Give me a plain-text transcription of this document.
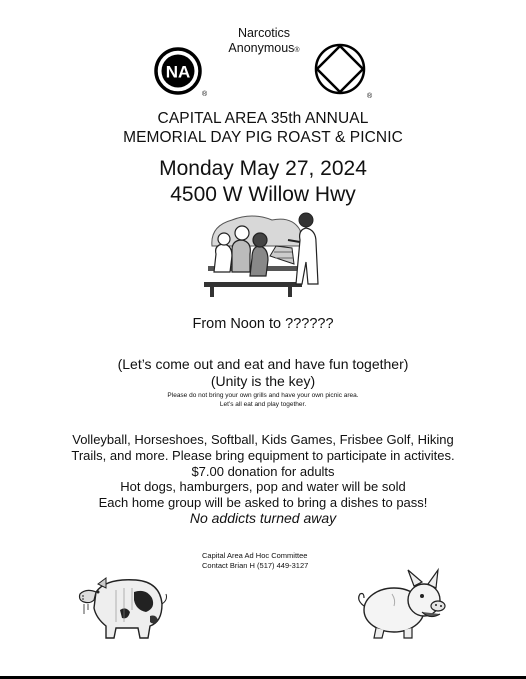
NA
®
Narcotics
Anonymous®
®
CAPITAL AREA 35th ANNUAL
MEMORIAL DAY PIG ROAST & PICNIC
Monday May 27, 2024
4500 W Willow Hwy
From Noon to ??????
(Let’s come out and eat and have fun together)
(Unity is the key)
Please do not bring your own grills and have your own picnic area.
Let’s all eat and play together.
Volleyball, Horseshoes, Softball, Kids Games, Frisbee Golf, Hiking
Trails, and more. Please bring equipment to participate in activites.
$7.00 donation for adults
Hot dogs, hamburgers, pop and water will be sold
Each home group will be asked to bring a dishes to pass!
No addicts turned away
Capital Area Ad Hoc Committee
Contact Brian H (517) 449-3127
